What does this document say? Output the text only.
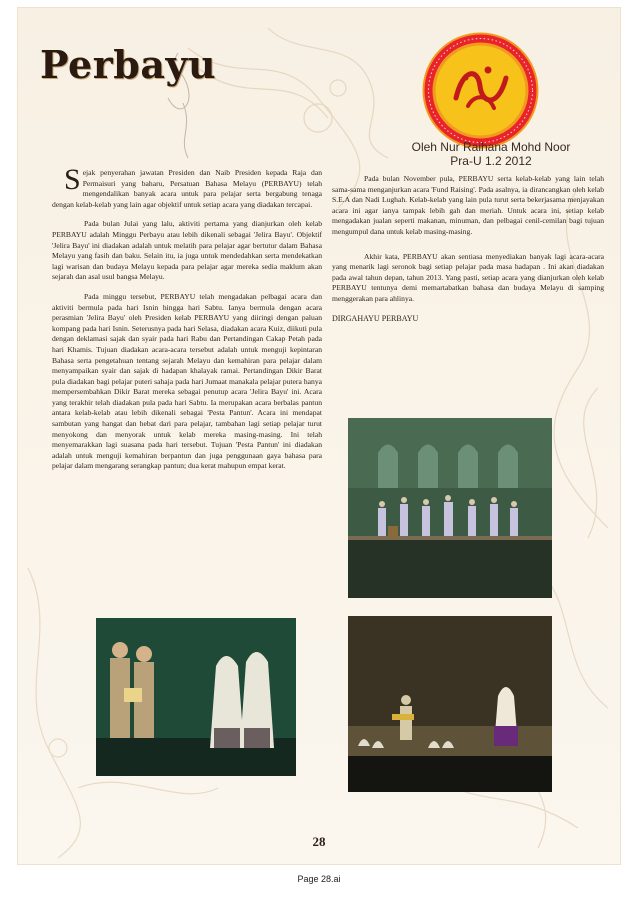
Perbayu
Oleh Nur Raihana Mohd Noor
Pra-U 1.2 2012

Sejak penyerahan jawatan Presiden dan Naib Presiden kepada Raja dan Permaisuri yang baharu, Persatuan Bahasa Melayu (PERBAYU) telah mengendalikan banyak acara untuk para pelajar serta bergabung tenaga dengan kelab-kelab yang lain agar objektif untuk setiap acara yang diadakan tercapai.

Pada bulan Julai yang lalu, aktiviti pertama yang dianjurkan oleh kelab PERBAYU adalah Minggu Perbayu atau lebih dikenali sebagai 'Jelira Bayu'. Objektif 'Jelira Bayu' ini diadakan adalah untuk melatih para pelajar agar bertutur dalam Bahasa Melayu yang fasih dan baku. Selain itu, ia juga untuk mendedahkan serta mendekatkan lagi warisan dan budaya Melayu kepada para pelajar agar mereka sedia maklum akan sejarah dan asal usul bangsa Melayu.

Pada minggu tersebut, PERBAYU telah mengadakan pelbagai acara dan aktiviti bermula pada hari Isnin hingga hari Sabtu. Ianya bermula dengan acara perasmian 'Jelira Bayu' oleh Presiden kelab PERBAYU yang diiringi dengan paluan kompang pada hari Isnin. Seterusnya pada hari Selasa, diadakan acara Kuiz, diikuti pula dengan deklamasi sajak dan syair pada hari Rabu dan Pertandingan Cakap Petah pada hari Khamis. Tujuan diadakan acara-acara tersebut adalah untuk menguji kepintaran Bahasa serta pengetahuan tentang sejarah Melayu dan kemahiran para pelajar dalam menyampaikan syair dan sajak di hadapan khalayak ramai. Pertandingan Dikir Barat pula diadakan bagi pelajar puteri sahaja pada hari Jumaat manakala pelajar putera hanya mempersembahkan Dikir Barat mereka sebagai penutup acara 'Jelira Bayu' ini. Acara yang terakhir telah diadakan pula pada hari Sabtu. Ia merupakan acara berbalas pantun antara kelab-kelab atau lebih dikenali sebagai 'Pesta Pantun'. Acara ini mendapat sambutan yang hangat dan hebat dari para pelajar, tambahan lagi setiap pelajar turut menyokong dan menyorak untuk kelab mereka masing-masing. Ini telah menyemarakkan lagi suasana pada hari tersebut. Tujuan 'Pesta Pantun' ini diadakan adalah untuk menguji kemahiran berpantun dan juga penggunaan gaya bahasa para pelajar dalam mengarang serangkap pantun; dua kerat mahupun empat kerat.

Pada bulan November pula, PERBAYU serta kelab-kelab yang lain telah sama-sama menganjurkan acara 'Fund Raising'. Pada asalnya, ia dirancangkan oleh kelab S.E.A dan Nadi Lughah. Kelab-kelab yang lain pula turut serta bekerjasama menjayakan acara ini agar ianya tampak lebih gah dan meriah. Untuk acara ini, setiap kelab mengadakan jualan seperti makanan, minuman, dan pelbagai cenil-cemilan bagi tujuan mengumpul dana untuk kelab masing-masing.

Akhir kata, PERBAYU akan sentiasa menyediakan banyak lagi acara-acara yang menarik lagi seronok bagi setiap pelajar pada masa hadapan . Ini akan diadakan pada awal tahun depan, tahun 2013. Yang pasti, setiap acara yang dianjurkan oleh kelab PERBAYU tentunya demi memartabatkan bahasa dan budaya Melayu di samping menggerakan para ahlinya.

DIRGAHAYU PERBAYU

28
Page 28.ai
